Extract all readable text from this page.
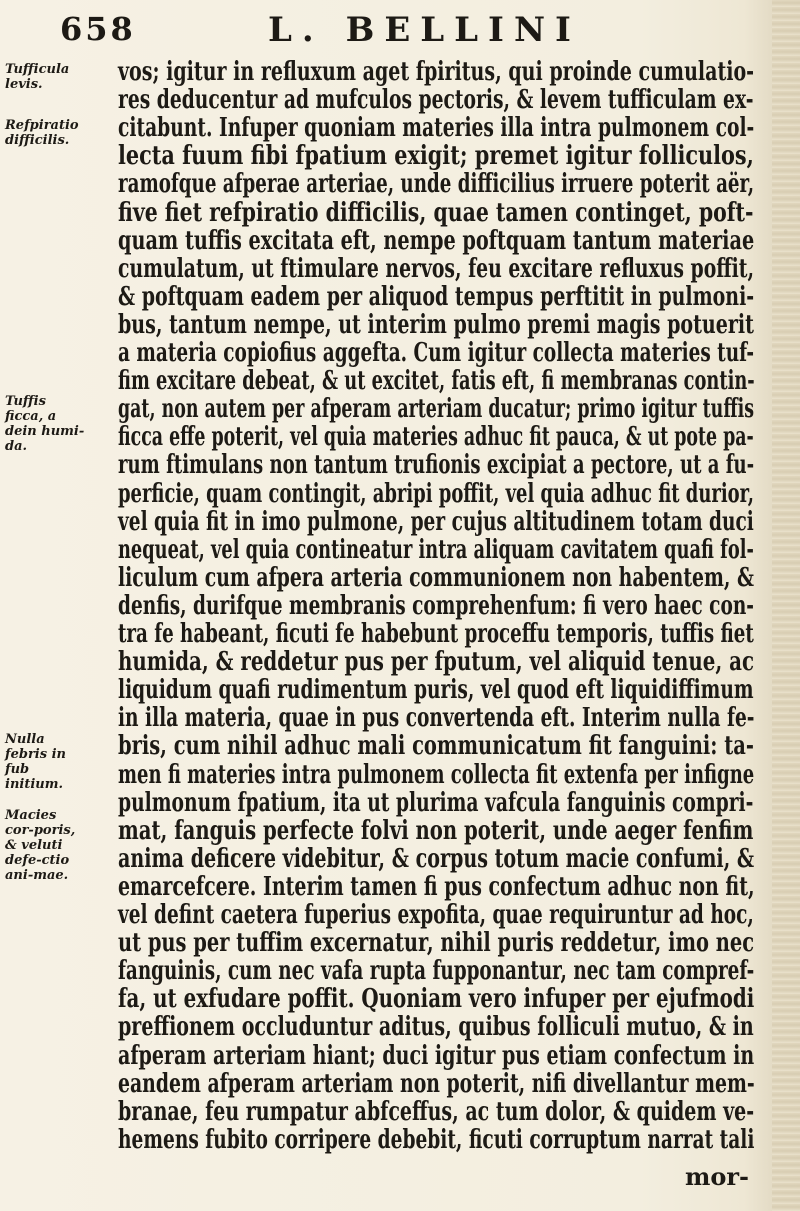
658	L. BELLINI
Tufficula levis.
Refpiratio difficilis.
Tuffis ficca, a dein humi-da.
Nulla febris in fub initium.
Macies cor-poris, & veluti defe-ctio ani-mae.
vos; igitur in refluxum aget fpiritus, qui proinde cumulatio-
res deducentur ad mufculos pectoris, & levem tufficulam ex-
citabunt. Infuper quoniam materies illa intra pulmonem col-
lecta fuum fibi fpatium exigit; premet igitur folliculos,
ramofque afperae arteriae, unde difficilius irruere poterit aër,
five fiet refpiratio difficilis, quae tamen continget, poft-
quam tuffis excitata eft, nempe poftquam tantum materiae
cumulatum, ut ftimulare nervos, feu excitare refluxus poffit,
& poftquam eadem per aliquod tempus perftitit in pulmoni-
bus, tantum nempe, ut interim pulmo premi magis potuerit
a materia copiofius aggefta. Cum igitur collecta materies tuf-
fim excitare debeat, & ut excitet, fatis eft, fi membranas contin-
gat, non autem per afperam arteriam ducatur; primo igitur tuffis
ficca effe poterit, vel quia materies adhuc fit pauca, & ut pote pa-
rum ftimulans non tantum trufionis excipiat a pectore, ut a fu-
perficie, quam contingit, abripi poffit, vel quia adhuc fit durior,
vel quia fit in imo pulmone, per cujus altitudinem totam duci
nequeat, vel quia contineatur intra aliquam cavitatem quafi fol-
liculum cum afpera arteria communionem non habentem, &
denfis, durifque membranis comprehenfum: fi vero haec con-
tra fe habeant, ficuti fe habebunt proceffu temporis, tuffis fiet
humida, & reddetur pus per fputum, vel aliquid tenue, ac
liquidum quafi rudimentum puris, vel quod eft liquidiffimum
in illa materia, quae in pus convertenda eft. Interim nulla fe-
bris, cum nihil adhuc mali communicatum fit fanguini: ta-
men fi materies intra pulmonem collecta fit extenfa per infigne
pulmonum fpatium, ita ut plurima vafcula fanguinis compri-
mat, fanguis perfecte folvi non poterit, unde aeger fenfim
anima deficere videbitur, & corpus totum macie confumi, &
emarcefcere. Interim tamen fi pus confectum adhuc non fit,
vel defint caetera fuperius expofita, quae requiruntur ad hoc,
ut pus per tuffim excernatur, nihil puris reddetur, imo nec
fanguinis, cum nec vafa rupta fupponantur, nec tam compref-
fa, ut exfudare poffit. Quoniam vero infuper per ejufmodi
preffionem occluduntur aditus, quibus folliculi mutuo, & in
afperam arteriam hiant; duci igitur pus etiam confectum in
eandem afperam arteriam non poterit, nifi divellantur mem-
branae, feu rumpatur abfceffus, ac tum dolor, & quidem ve-
hemens fubito corripere debebit, ficuti corruptum narrat tali
mor-
